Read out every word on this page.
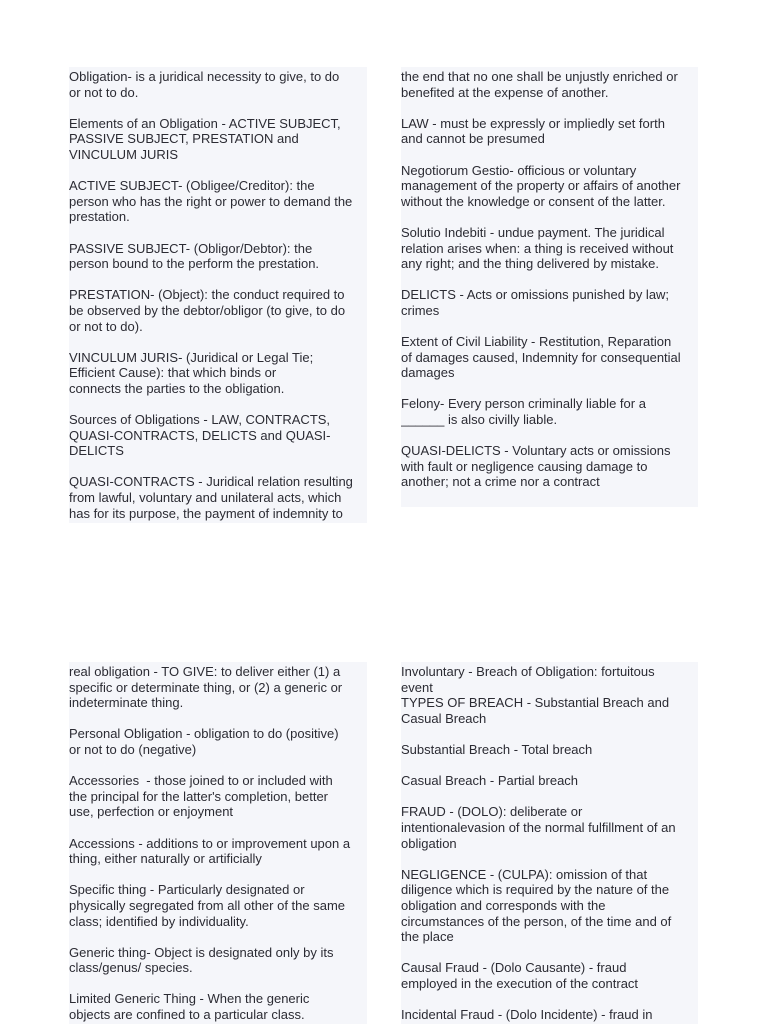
Obligation- is a juridical necessity to give, to do
or not to do.

Elements of an Obligation - ACTIVE SUBJECT,
PASSIVE SUBJECT, PRESTATION and
VINCULUM JURIS

ACTIVE SUBJECT- (Obligee/Creditor): the
person who has the right or power to demand the
prestation.

PASSIVE SUBJECT- (Obligor/Debtor): the
person bound to the perform the prestation.

PRESTATION- (Object): the conduct required to
be observed by the debtor/obligor (to give, to do
or not to do).

VINCULUM JURIS- (Juridical or Legal Tie;
Efficient Cause): that which binds or
connects the parties to the obligation.

Sources of Obligations - LAW, CONTRACTS,
QUASI-CONTRACTS, DELICTS and QUASI-
DELICTS

QUASI-CONTRACTS - Juridical relation resulting
from lawful, voluntary and unilateral acts, which
has for its purpose, the payment of indemnity to

the end that no one shall be unjustly enriched or
benefited at the expense of another.

LAW - must be expressly or impliedly set forth
and cannot be presumed

Negotiorum Gestio- officious or voluntary
management of the property or affairs of another
without the knowledge or consent of the latter.

Solutio Indebiti - undue payment. The juridical
relation arises when: a thing is received without
any right; and the thing delivered by mistake.

DELICTS - Acts or omissions punished by law;
crimes

Extent of Civil Liability - Restitution, Reparation
of damages caused, Indemnity for consequential
damages

Felony- Every person criminally liable for a
______ is also civilly liable.

QUASI-DELICTS - Voluntary acts or omissions
with fault or negligence causing damage to
another; not a crime nor a contract

real obligation - TO GIVE: to deliver either (1) a
specific or determinate thing, or (2) a generic or
indeterminate thing.

Personal Obligation - obligation to do (positive)
or not to do (negative)

Accessories  - those joined to or included with
the principal for the latter's completion, better
use, perfection or enjoyment

Accessions - additions to or improvement upon a
thing, either naturally or artificially

Specific thing - Particularly designated or
physically segregated from all other of the same
class; identified by individuality.

Generic thing- Object is designated only by its
class/genus/ species.

Limited Generic Thing - When the generic
objects are confined to a particular class.

Involuntary - Breach of Obligation: fortuitous
event

TYPES OF BREACH - Substantial Breach and
Casual Breach

Substantial Breach - Total breach

Casual Breach - Partial breach

FRAUD - (DOLO): deliberate or
intentionalevasion of the normal fulfillment of an
obligation

NEGLIGENCE - (CULPA): omission of that
diligence which is required by the nature of the
obligation and corresponds with the
circumstances of the person, of the time and of
the place

Causal Fraud - (Dolo Causante) - fraud
employed in the execution of the contract

Incidental Fraud - (Dolo Incidente) - fraud in
